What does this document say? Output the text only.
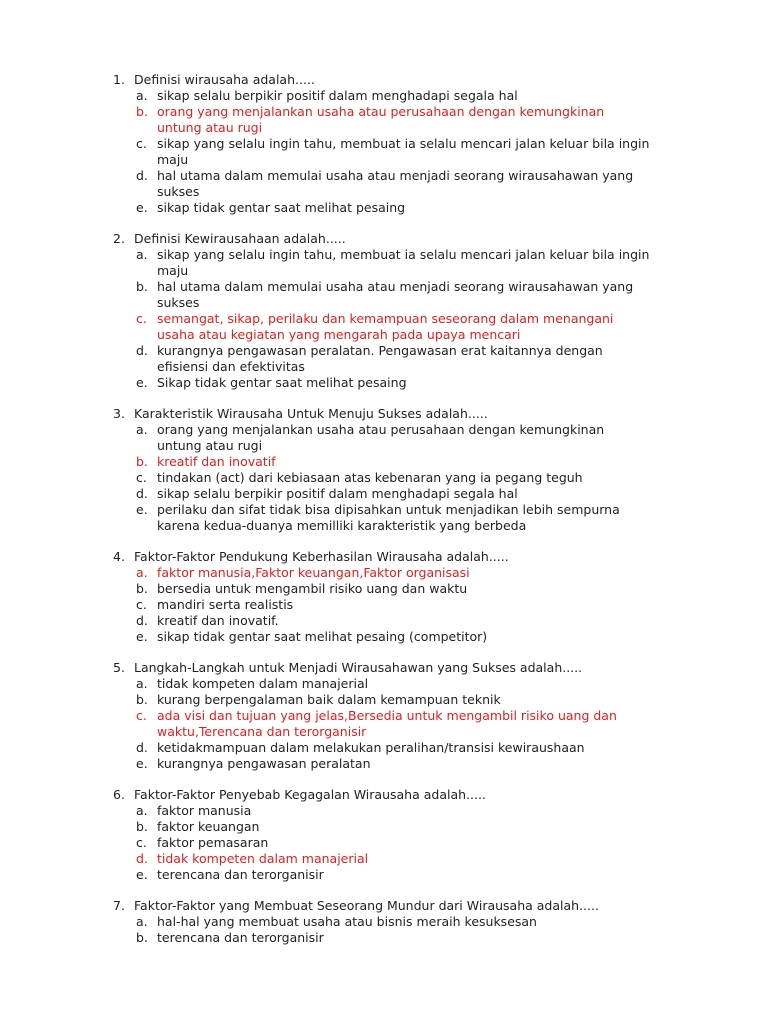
1. Definisi wirausaha adalah.....
a. sikap selalu berpikir positif dalam menghadapi segala hal
b. orang yang menjalankan usaha atau perusahaan dengan kemungkinan
untung atau rugi
c. sikap yang selalu ingin tahu, membuat ia selalu mencari jalan keluar bila ingin
maju
d. hal utama dalam memulai usaha atau menjadi seorang wirausahawan yang
sukses
e. sikap tidak gentar saat melihat pesaing
2. Definisi Kewirausahaan adalah.....
a. sikap yang selalu ingin tahu, membuat ia selalu mencari jalan keluar bila ingin
maju
b. hal utama dalam memulai usaha atau menjadi seorang wirausahawan yang
sukses
c. semangat, sikap, perilaku dan kemampuan seseorang dalam menangani
usaha atau kegiatan yang mengarah pada upaya mencari
d. kurangnya pengawasan peralatan. Pengawasan erat kaitannya dengan
efisiensi dan efektivitas
e. Sikap tidak gentar saat melihat pesaing
3. Karakteristik Wirausaha Untuk Menuju Sukses adalah.....
a. orang yang menjalankan usaha atau perusahaan dengan kemungkinan
untung atau rugi
b. kreatif dan inovatif
c. tindakan (act) dari kebiasaan atas kebenaran yang ia pegang teguh
d. sikap selalu berpikir positif dalam menghadapi segala hal
e. perilaku dan sifat tidak bisa dipisahkan untuk menjadikan lebih sempurna
karena kedua-duanya memilliki karakteristik yang berbeda
4. Faktor-Faktor Pendukung Keberhasilan Wirausaha adalah.....
a. faktor manusia,Faktor keuangan,Faktor organisasi
b. bersedia untuk mengambil risiko uang dan waktu
c. mandiri serta realistis
d. kreatif dan inovatif.
e. sikap tidak gentar saat melihat pesaing (competitor)
5. Langkah-Langkah untuk Menjadi Wirausahawan yang Sukses adalah.....
a. tidak kompeten dalam manajerial
b. kurang berpengalaman baik dalam kemampuan teknik
c. ada visi dan tujuan yang jelas,Bersedia untuk mengambil risiko uang dan
waktu,Terencana dan terorganisir
d. ketidakmampuan dalam melakukan peralihan/transisi kewiraushaan
e. kurangnya pengawasan peralatan
6. Faktor-Faktor Penyebab Kegagalan Wirausaha adalah.....
a. faktor manusia
b. faktor keuangan
c. faktor pemasaran
d. tidak kompeten dalam manajerial
e. terencana dan terorganisir
7. Faktor-Faktor yang Membuat Seseorang Mundur dari Wirausaha adalah.....
a. hal-hal yang membuat usaha atau bisnis meraih kesuksesan
b. terencana dan terorganisir
